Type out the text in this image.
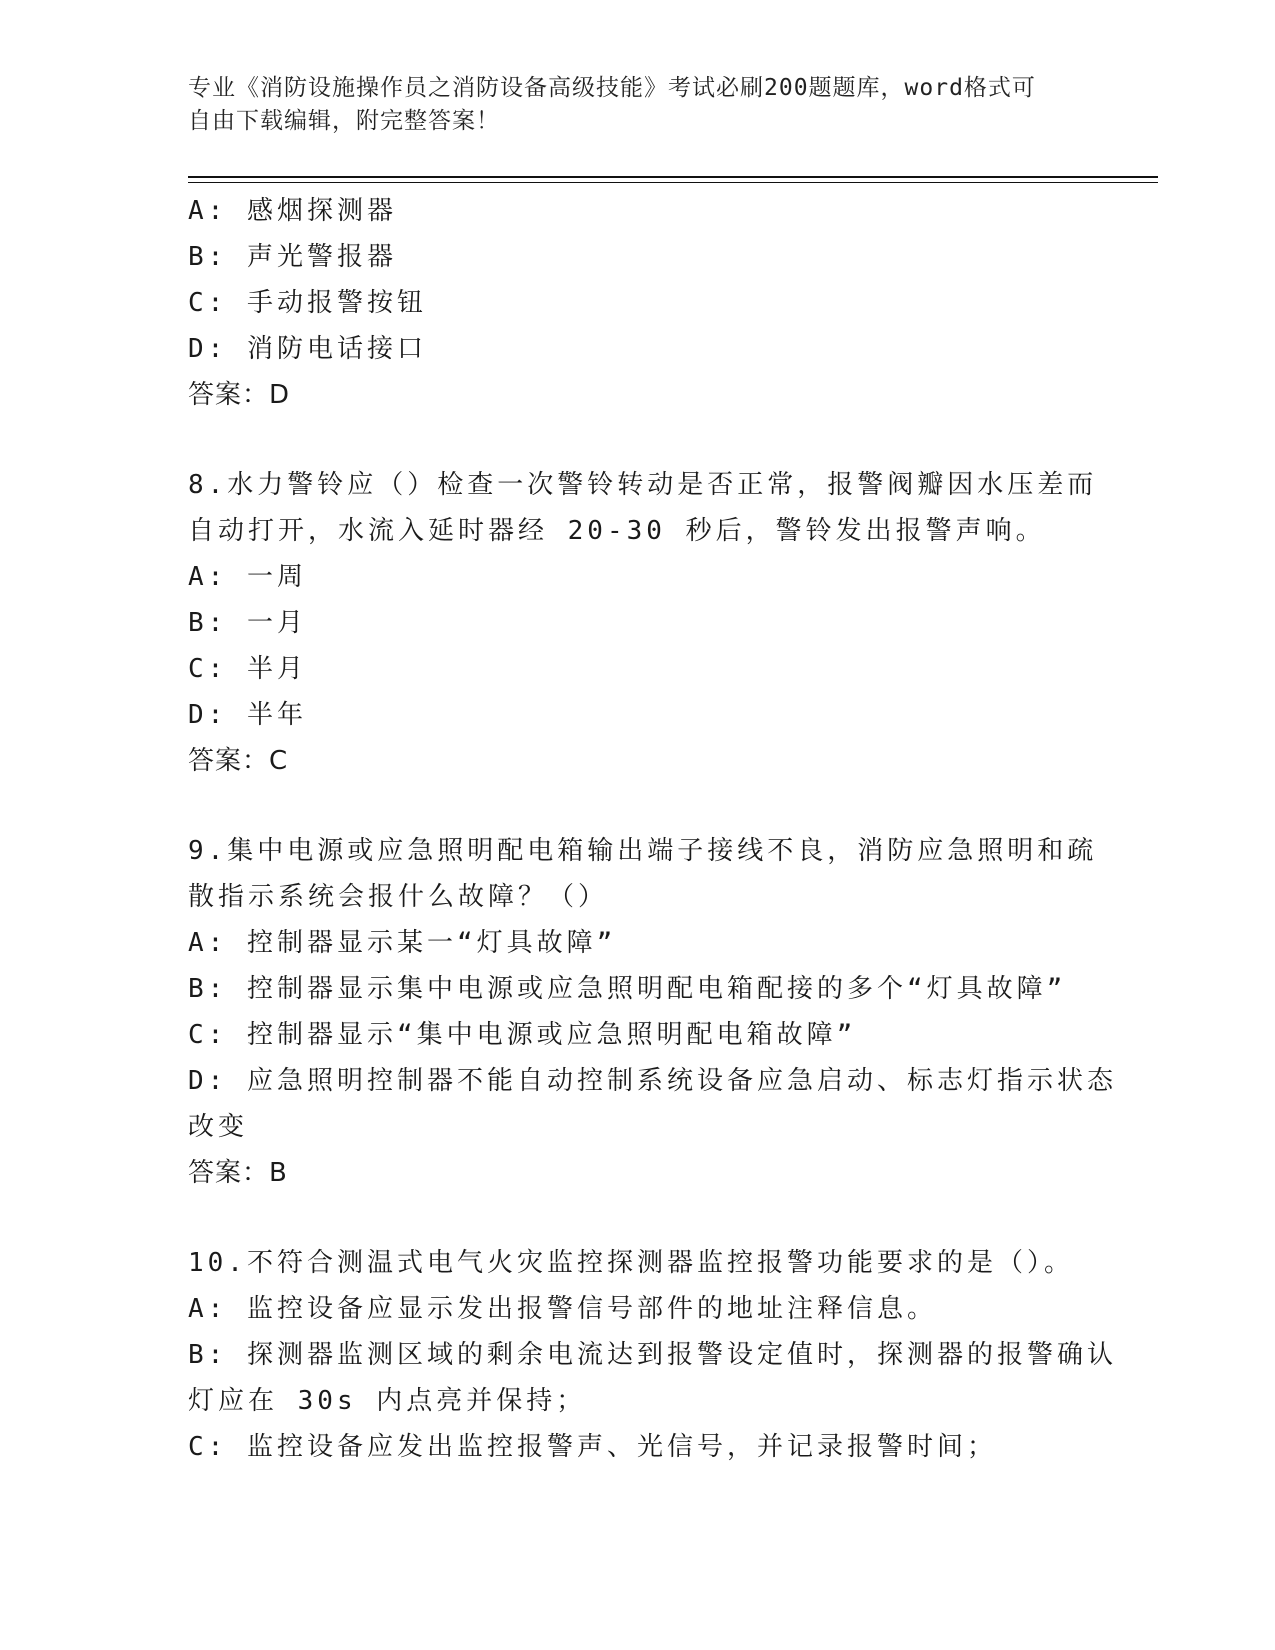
专业《消防设施操作员之消防设备高级技能》考试必刷200题题库，word格式可
自由下载编辑，附完整答案！
A: 感烟探测器
B: 声光警报器
C: 手动报警按钮
D: 消防电话接口
答案：D
8.水力警铃应（）检查一次警铃转动是否正常，报警阀瓣因水压差而
自动打开，水流入延时器经 20-30 秒后，警铃发出报警声响。
A: 一周
B: 一月
C: 半月
D: 半年
答案：C
9.集中电源或应急照明配电箱输出端子接线不良，消防应急照明和疏
散指示系统会报什么故障？（）
A: 控制器显示某一“灯具故障”
B: 控制器显示集中电源或应急照明配电箱配接的多个“灯具故障”
C: 控制器显示“集中电源或应急照明配电箱故障”
D: 应急照明控制器不能自动控制系统设备应急启动、标志灯指示状态
改变
答案：B
10.不符合测温式电气火灾监控探测器监控报警功能要求的是（）。
A: 监控设备应显示发出报警信号部件的地址注释信息。
B: 探测器监测区域的剩余电流达到报警设定值时，探测器的报警确认
灯应在 30s 内点亮并保持；
C: 监控设备应发出监控报警声、光信号，并记录报警时间；
